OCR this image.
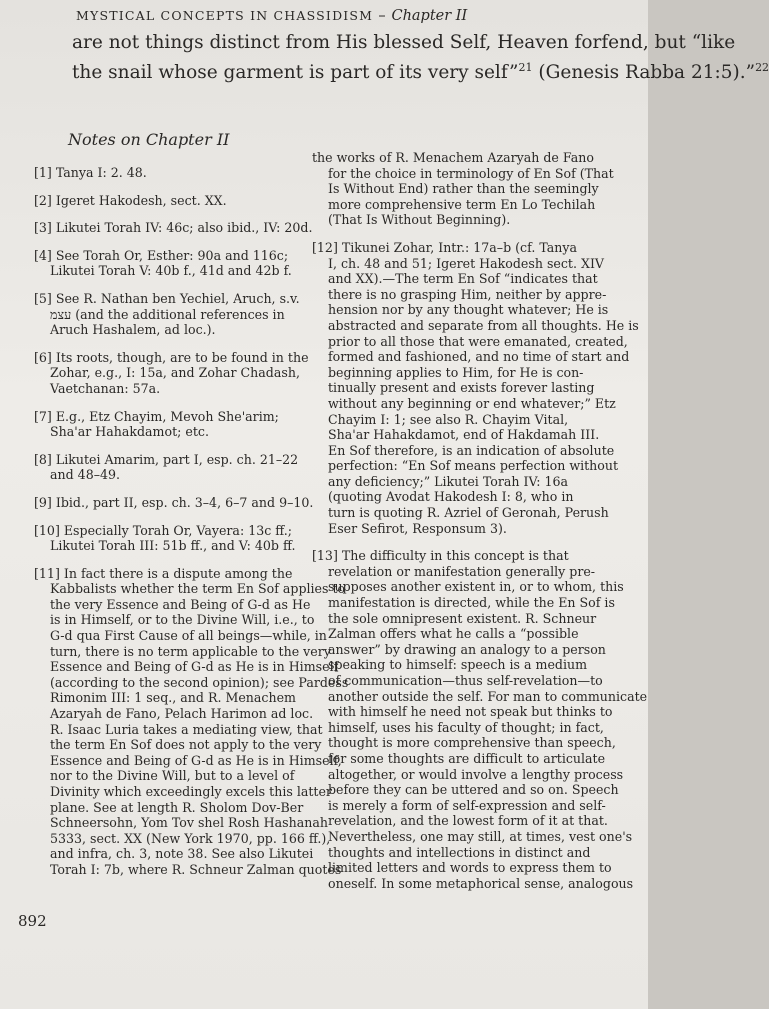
MYSTICAL CONCEPTS IN CHASSIDISM – Chapter II
are not things distinct from His blessed Self, Heaven forfend, but “like
the snail whose garment is part of its very self”$^{21}$ (Genesis Rabba 21:5).”$^{22}$
Notes on Chapter II
[1] Tanya I: 2. 48.
[2] Igeret Hakodesh, sect. XX.
[3] Likutei Torah IV: 46c; also ibid., IV: 20d.
[4] See Torah Or, Esther: 90a and 116c;
Likutei Torah V: 40b f., 41d and 42b f.
[5] See R. Nathan ben Yechiel, Aruch, s.v.
עצמ (and the additional references in
Aruch Hashalem, ad loc.).
[6] Its roots, though, are to be found in the
Zohar, e.g., I: 15a, and Zohar Chadash,
Vaetchanan: 57a.
[7] E.g., Etz Chayim, Mevoh She'arim;
Sha'ar Hahakdamot; etc.
[8] Likutei Amarim, part I, esp. ch. 21–22
and 48–49.
[9] Ibid., part II, esp. ch. 3–4, 6–7 and 9–10.
[10] Especially Torah Or, Vayera: 13c ff.;
Likutei Torah III: 51b ff., and V: 40b ff.
[11] In fact there is a dispute among the
Kabbalists whether the term En Sof applies to
the very Essence and Being of G-d as He
is in Himself, or to the Divine Will, i.e., to
G-d qua First Cause of all beings—while, in
turn, there is no term applicable to the very
Essence and Being of G-d as He is in Himself
(according to the second opinion); see Pardess
Rimonim III: 1 seq., and R. Menachem
Azaryah de Fano, Pelach Harimon ad loc.
R. Isaac Luria takes a mediating view, that
the term En Sof does not apply to the very
Essence and Being of G-d as He is in Himself,
nor to the Divine Will, but to a level of
Divinity which exceedingly excels this latter
plane. See at length R. Sholom Dov-Ber
Schneersohn, Yom Tov shel Rosh Hashanah
5333, sect. XX (New York 1970, pp. 166 ff.),
and infra, ch. 3, note 38. See also Likutei
Torah I: 7b, where R. Schneur Zalman quotes
the works of R. Menachem Azaryah de Fano
for the choice in terminology of En Sof (That
Is Without End) rather than the seemingly
more comprehensive term En Lo Techilah
(That Is Without Beginning).
[12] Tikunei Zohar, Intr.: 17a–b (cf. Tanya
I, ch. 48 and 51; Igeret Hakodesh sect. XIV
and XX).—The term En Sof “indicates that
there is no grasping Him, neither by appre-
hension nor by any thought whatever; He is
abstracted and separate from all thoughts. He is
prior to all those that were emanated, created,
formed and fashioned, and no time of start and
beginning applies to Him, for He is con-
tinually present and exists forever lasting
without any beginning or end whatever;” Etz
Chayim I: 1; see also R. Chayim Vital,
Sha'ar Hahakdamot, end of Hakdamah III.
En Sof therefore, is an indication of absolute
perfection: “En Sof means perfection without
any deficiency;” Likutei Torah IV: 16a
(quoting Avodat Hakodesh I: 8, who in
turn is quoting R. Azriel of Geronah, Perush
Eser Sefirot, Responsum 3).
[13] The difficulty in this concept is that
revelation or manifestation generally pre-
supposes another existent in, or to whom, this
manifestation is directed, while the En Sof is
the sole omnipresent existent. R. Schneur
Zalman offers what he calls a “possible
answer” by drawing an analogy to a person
speaking to himself: speech is a medium
of communication—thus self-revelation—to
another outside the self. For man to communicate
with himself he need not speak but thinks to
himself, uses his faculty of thought; in fact,
thought is more comprehensive than speech,
for some thoughts are difficult to articulate
altogether, or would involve a lengthy process
before they can be uttered and so on. Speech
is merely a form of self-expression and self-
revelation, and the lowest form of it at that.
Nevertheless, one may still, at times, vest one's
thoughts and intellections in distinct and
limited letters and words to express them to
oneself. In some metaphorical sense, analogous
892
